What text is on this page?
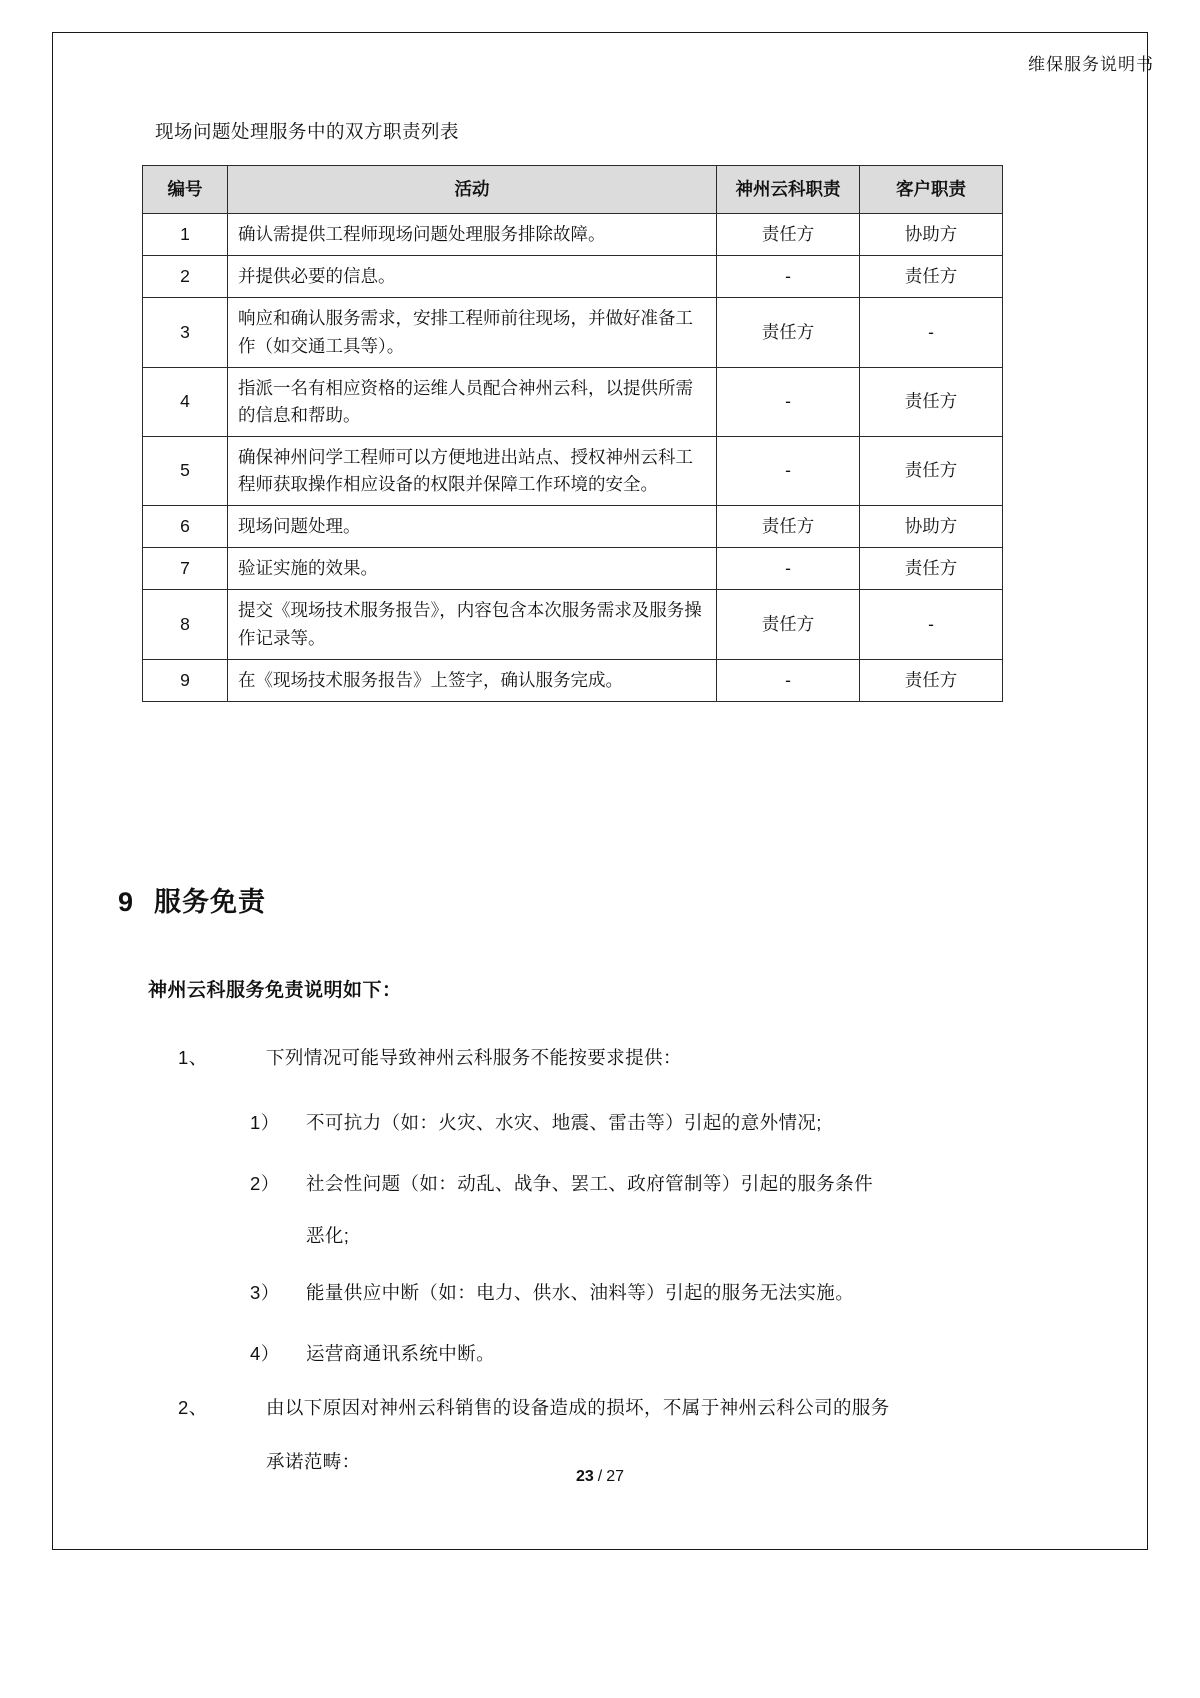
维保服务说明书
现场问题处理服务中的双方职责列表
编号	活动	神州云科职责	客户职责
1	确认需提供工程师现场问题处理服务排除故障。	责任方	协助方
2	并提供必要的信息。	-	责任方
3	响应和确认服务需求，安排工程师前往现场，并做好准备工作（如交通工具等）。	责任方	-
4	指派一名有相应资格的运维人员配合神州云科，以提供所需的信息和帮助。	-	责任方
5	确保神州问学工程师可以方便地进出站点、授权神州云科工程师获取操作相应设备的权限并保障工作环境的安全。	-	责任方
6	现场问题处理。	责任方	协助方
7	验证实施的效果。	-	责任方
8	提交《现场技术服务报告》，内容包含本次服务需求及服务操作记录等。	责任方	-
9	在《现场技术服务报告》上签字，确认服务完成。	-	责任方
9 服务免责
神州云科服务免责说明如下：
1、	下列情况可能导致神州云科服务不能按要求提供：
1）	不可抗力（如：火灾、水灾、地震、雷击等）引起的意外情况;
2）	社会性问题（如：动乱、战争、罢工、政府管制等）引起的服务条件
恶化;
3）	能量供应中断（如：电力、供水、油料等）引起的服务无法实施。
4）	运营商通讯系统中断。
2、	由以下原因对神州云科销售的设备造成的损坏，不属于神州云科公司的服务
承诺范畴：
23 / 27
